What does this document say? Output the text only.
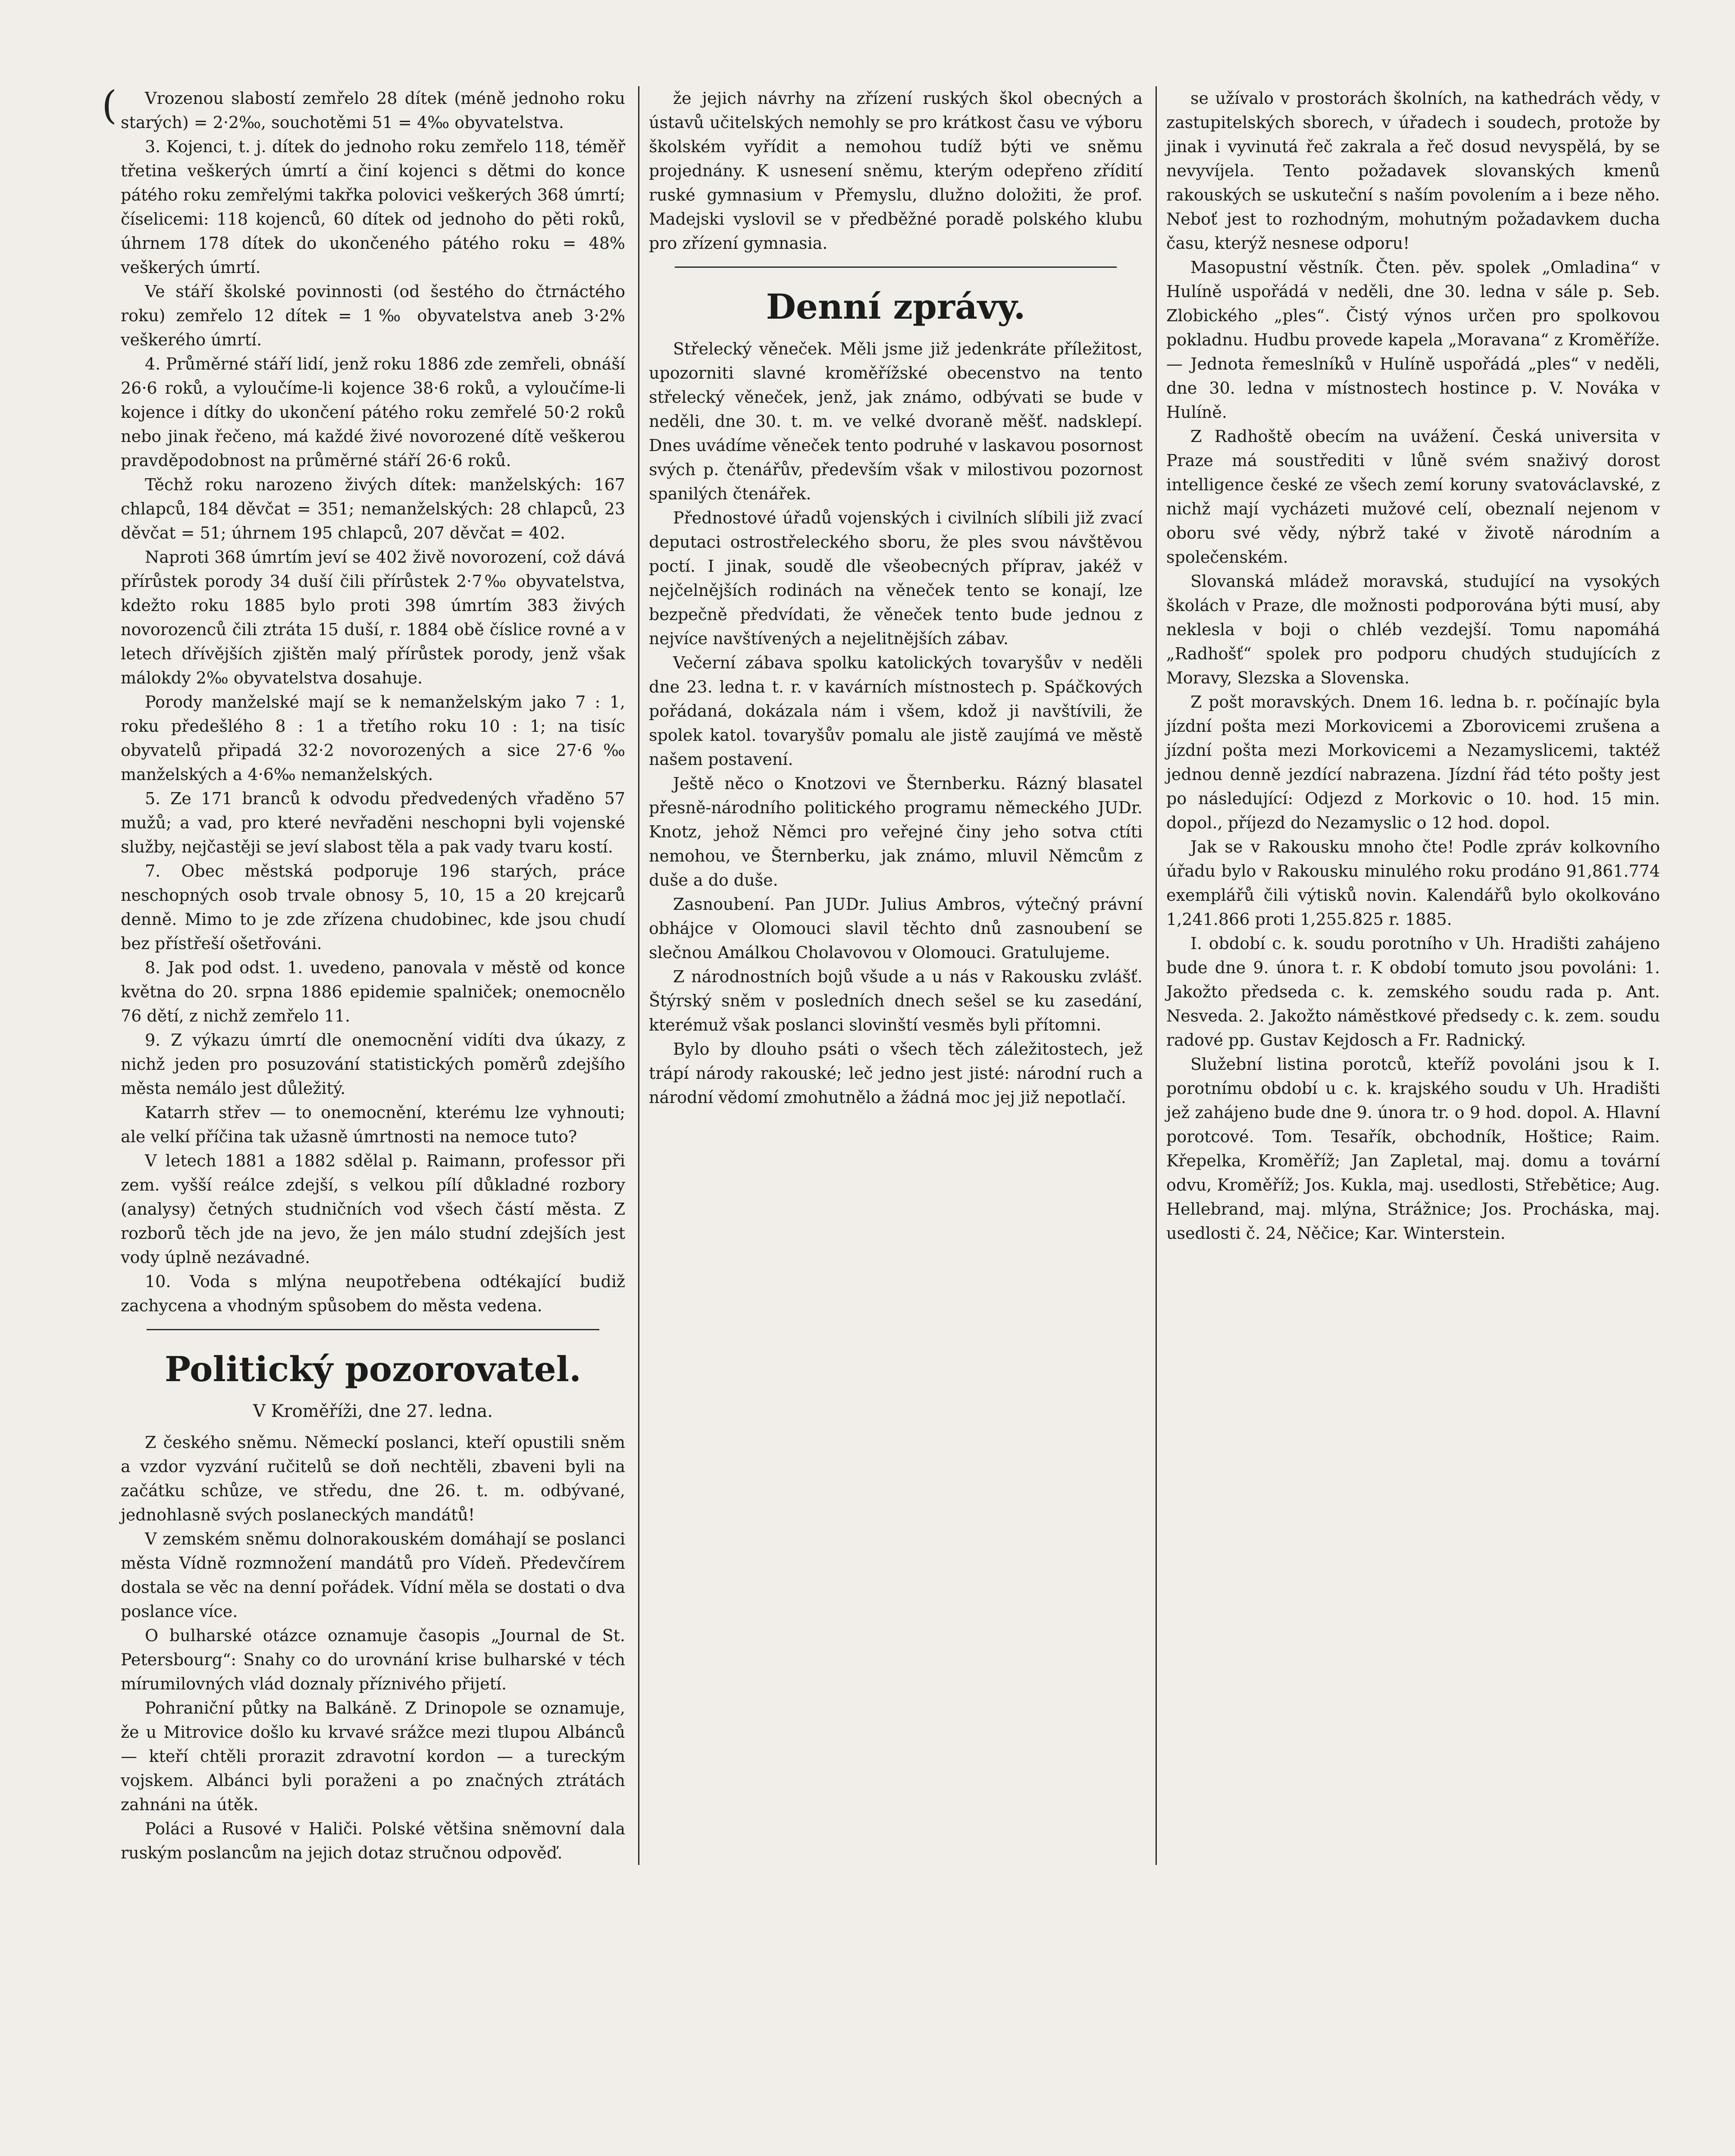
(	Vrozenou slabostí zemřelo 28 dítek (méně jednoho roku starých) = 2·2‰, souchotěmi 51 = 4‰ obyvatelstva.

3. Kojenci, t. j. dítek do jednoho roku zemřelo 118, téměř třetina veškerých úmrtí a činí kojenci s dětmi do konce pátého roku zemřelými takřka polovici veškerých 368 úmrtí; číselicemi: 118 kojenců, 60 dítek od jednoho do pěti roků, úhrnem 178 dítek do ukončeného pátého roku = 48% veškerých úmrtí.

Ve stáří školské povinnosti (od šestého do čtrnáctého roku) zemřelo 12 dítek = 1‰ obyvatelstva aneb 3·2% veškerého úmrtí.

4. Průměrné stáří lidí, jenž roku 1886 zde zemřeli, obnáší 26·6 roků, a vyloučíme-li kojence 38·6 roků, a vyloučíme-li kojence i dítky do ukončení pátého roku zemřelé 50·2 roků nebo jinak řečeno, má každé živé novorozené dítě veškerou pravděpodobnost na průměrné stáří 26·6 roků.

Těchž roku narozeno živých dítek: manželských: 167 chlapců, 184 děvčat = 351; nemanželských: 28 chlapců, 23 děvčat = 51; úhrnem 195 chlapců, 207 děvčat = 402.

Naproti 368 úmrtím jeví se 402 živě novorození, což dává přírůstek porody 34 duší čili přírůstek 2·7‰ obyvatelstva, kdežto roku 1885 bylo proti 398 úmrtím 383 živých novorozenců čili ztráta 15 duší, r. 1884 obě číslice rovné a v letech dřívějších zjištěn malý přírůstek porody, jenž však málokdy 2‰ obyvatelstva dosahuje.

Porody manželské mají se k nemanželským jako 7 : 1, roku předešlého 8 : 1 a třetího roku 10 : 1; na tisíc obyvatelů připadá 32·2 novorozených a sice 27·6‰ manželských a 4·6‰ nemanželských.

5. Ze 171 branců k odvodu předvedených vřaděno 57 mužů; a vad, pro které nevřaděni neschopni byli vojenské služby, nejčastěji se jeví slabost těla a pak vady tvaru kostí.

7. Obec městská podporuje 196 starých, práce neschopných osob trvale obnosy 5, 10, 15 a 20 krejcarů denně. Mimo to je zde zřízena chudobinec, kde jsou chudí bez přístřeší ošetřováni.

8. Jak pod odst. 1. uvedeno, panovala v městě od konce května do 20. srpna 1886 epidemie spalniček; onemocnělo 76 dětí, z nichž zemřelo 11.

9. Z výkazu úmrtí dle onemocnění vidíti dva úkazy, z nichž jeden pro posuzování statistických poměrů zdejšího města nemálo jest důležitý.

Katarrh střev — to onemocnění, kterému lze vyhnouti; ale velkí příčina tak užasně úmrtnosti na nemoce tuto?

V letech 1881 a 1882 sdělal p. Raimann, professor při zem. vyšší reálce zdejší, s velkou pílí důkladné rozbory (analysy) četných studničních vod všech částí města. Z rozborů těch jde na jevo, že jen málo studní zdejších jest vody úplně nezávadné.

10. Voda s mlýna neupotřebena odtékající budiž zachycena a vhodným spůsobem do města vedena.

Politický pozorovatel.
V Kroměříži, dne 27. ledna.

Z českého sněmu. Německí poslanci, kteří opustili sněm a vzdor vyzvání ručitelů se doň nechtěli, zbaveni byli na začátku schůze, ve středu, dne 26. t. m. odbývané, jednohlasně svých poslaneckých mandátů!

V zemském sněmu dolnorakouském domáhají se poslanci města Vídně rozmnožení mandátů pro Vídeň. Předevčírem dostala se věc na denní pořádek. Vídní měla se dostati o dva poslance více.

O bulharské otázce oznamuje časopis „Journal de St. Petersbourg“: Snahy co do urovnání krise bulharské v téch mírumilovných vlád doznaly příznivého přijetí.

Pohraniční půtky na Balkáně. Z Drinopole se oznamuje, že u Mitrovice došlo ku krvavé srážce mezi tlupou Albánců — kteří chtěli prorazit zdravotní kordon — a tureckým vojskem. Albánci byli poraženi a po značných ztrátách zahnáni na útěk.

Poláci a Rusové v Haliči. Polské většina sněmovní dala ruským poslancům na jejich dotaz stručnou odpověď.

že jejich návrhy na zřízení ruských škol obecných a ústavů učitelských nemohly se pro krátkost času ve výboru školském vyřídit a nemohou tudíž býti ve sněmu projednány. K usnesení sněmu, kterým odepřeno zřídití ruské gymnasium v Přemyslu, dlužno doložiti, že prof. Madejski vyslovil se v předběžné poradě polského klubu pro zřízení gymnasia.

Denní zprávy.

Střelecký věneček. Měli jsme již jedenkráte příležitost, upozorniti slavné kroměřížské obecenstvo na tento střelecký věneček, jenž, jak známo, odbývati se bude v neděli, dne 30. t. m. ve velké dvoraně měšť. nadsklepí. Dnes uvádíme věneček tento podruhé v laskavou posornost svých p. čtenářův, především však v milostivou pozornost spanilých čtenářek.

Přednostové úřadů vojenských i civilních slíbili již zvací deputaci ostrostřeleckého sboru, že ples svou návštěvou poctí. I jinak, soudě dle všeobecných příprav, jakéž v nejčelnějších rodinách na věneček tento se konají, lze bezpečně předvídati, že věneček tento bude jednou z nejvíce navštívených a nejelitnějších zábav.

Večerní zábava spolku katolických tovaryšův v neděli dne 23. ledna t. r. v kavárních místnostech p. Spáčkových pořádaná, dokázala nám i všem, kdož ji navštívili, že spolek katol. tovaryšův pomalu ale jistě zaujímá ve městě našem postavení.

Ještě něco o Knotzovi ve Šternberku. Rázný blasatel přesně-národního politického programu německého JUDr. Knotz, jehož Němci pro veřejné činy jeho sotva ctíti nemohou, ve Šternberku, jak známo, mluvil Němcům z duše a do duše.

Zasnoubení. Pan JUDr. Julius Ambros, výtečný právní obhájce v Olomouci slavil těchto dnů zasnoubení se slečnou Amálkou Cholavovou v Olomouci. Gratulujeme.

Z národnostních bojů všude a u nás v Rakousku zvlášť. Štýrský sněm v posledních dnech sešel se ku zasedání, kterémuž však poslanci slovinští vesměs byli přítomni.

Bylo by dlouho psáti o všech těch záležitostech, jež trápí národy rakouské; leč jedno jest jisté: národní ruch a národní vědomí zmohutnělo a žádná moc jej již nepotlačí.

se užívalo v prostorách školních, na kathedrách vědy, v zastupitelských sborech, v úřadech i soudech, protože by jinak i vyvinutá řeč zakrala a řeč dosud nevyspělá, by se nevyvíjela. Tento požadavek slovanských kmenů rakouských se uskuteční s naším povolením a i beze něho. Neboť jest to rozhodným, mohutným požadavkem ducha času, kterýž nesnese odporu!

Masopustní věstník. Čten. pěv. spolek „Omladina“ v Hulíně uspořádá v neděli, dne 30. ledna v sále p. Seb. Zlobického „ples“. Čistý výnos určen pro spolkovou pokladnu. Hudbu provede kapela „Moravana“ z Kroměříže. — Jednota řemeslníků v Hulíně uspořádá „ples“ v neděli, dne 30. ledna v místnostech hostince p. V. Nováka v Hulíně.

Z Radhoště obecím na uvážení. Česká universita v Praze má soustřediti v lůně svém snaživý dorost intelligence české ze všech zemí koruny svatováclavské, z nichž mají vycházeti mužové celí, obeznalí nejenom v oboru své vědy, nýbrž také v životě národním a společenském.

Slovanská mládež moravská, studující na vysokých školách v Praze, dle možnosti podporována býti musí, aby neklesla v boji o chléb vezdejší. Tomu napomáhá „Radhošť“ spolek pro podporu chudých studujících z Moravy, Slezska a Slovenska.

Z pošt moravských. Dnem 16. ledna b. r. počínajíc byla jízdní pošta mezi Morkovicemi a Zborovicemi zrušena a jízdní pošta mezi Morkovicemi a Nezamyslicemi, taktéž jednou denně jezdící nabrazena. Jízdní řád této pošty jest po následující: Odjezd z Morkovic o 10. hod. 15 min. dopol., příjezd do Nezamyslic o 12 hod. dopol.

Jak se v Rakousku mnoho čte! Podle zpráv kolkovního úřadu bylo v Rakousku minulého roku prodáno 91,861.774 exemplářů čili výtisků novin. Kalendářů bylo okolkováno 1,241.866 proti 1,255.825 r. 1885.

I. období c. k. soudu porotního v Uh. Hradišti zahájeno bude dne 9. února t. r. K období tomuto jsou povoláni: 1. Jakožto předseda c. k. zemského soudu rada p. Ant. Nesveda. 2. Jakožto náměstkové předsedy c. k. zem. soudu radové pp. Gustav Kejdosch a Fr. Radnický.

Služební listina porotců, kteříž povoláni jsou k I. porotnímu období u c. k. krajského soudu v Uh. Hradišti jež zahájeno bude dne 9. února tr. o 9 hod. dopol. A. Hlavní porotcové. Tom. Tesařík, obchodník, Hoštice; Raim. Křepelka, Kroměříž; Jan Zapletal, maj. domu a tovární odvu, Kroměříž; Jos. Kukla, maj. usedlosti, Střebětice; Aug. Hellebrand, maj. mlýna, Strážnice; Jos. Procháska, maj. usedlosti č. 24, Něčice; Kar. Winterstein.
